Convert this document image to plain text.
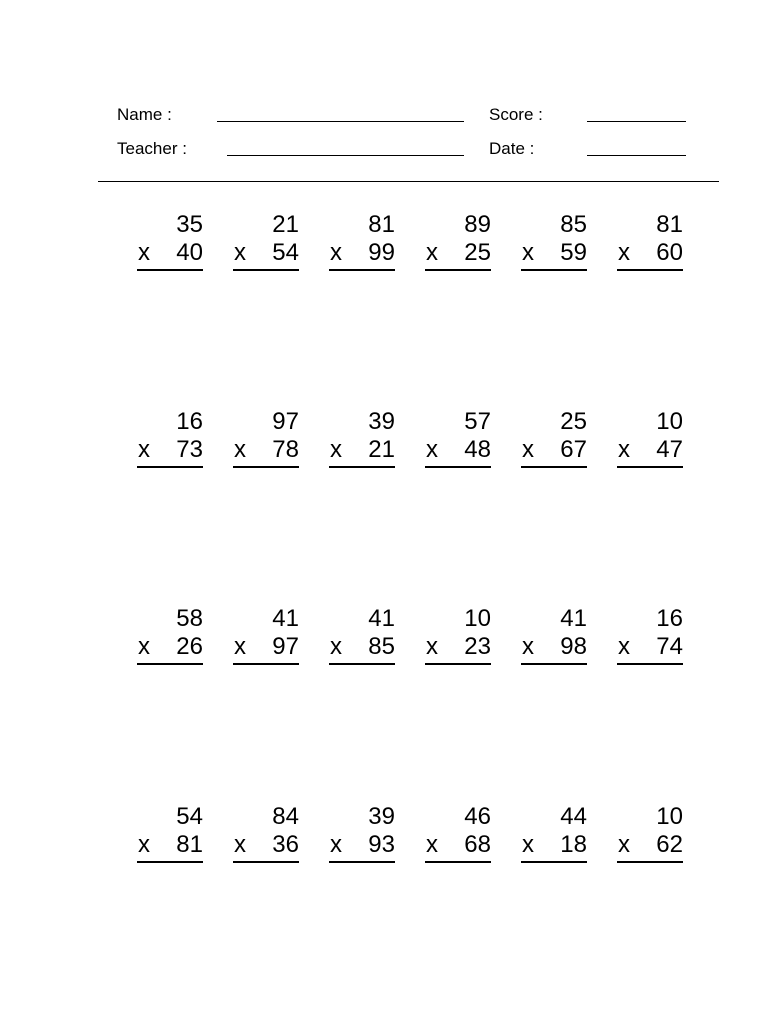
Name :	Score :
Teacher :	Date :
35
x 40
21
x 54
81
x 99
89
x 25
85
x 59
81
x 60
16
x 73
97
x 78
39
x 21
57
x 48
25
x 67
10
x 47
58
x 26
41
x 97
41
x 85
10
x 23
41
x 98
16
x 74
54
x 81
84
x 36
39
x 93
46
x 68
44
x 18
10
x 62
